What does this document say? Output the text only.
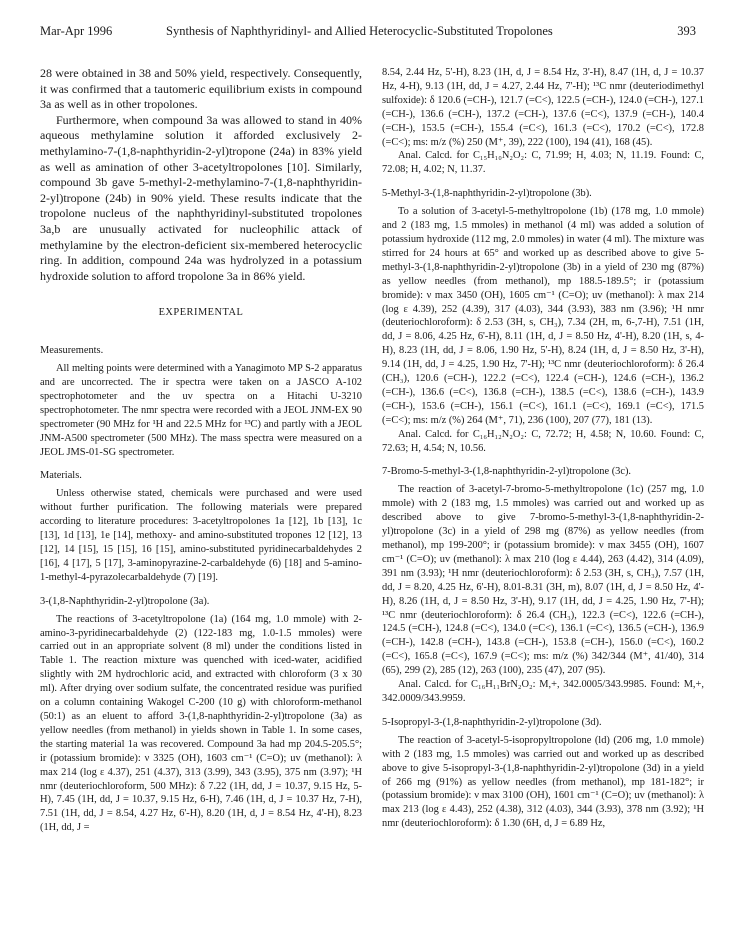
Mar-Apr 1996	Synthesis of Naphthyridinyl- and Allied Heterocyclic-Substituted Tropolones	393

28 were obtained in 38 and 50% yield, respectively. Consequently, it was confirmed that a tautomeric equilibrium exists in compound 3a as well as in other tropolones.

Furthermore, when compound 3a was allowed to stand in 40% aqueous methylamine solution it afforded exclusively 2-methylamino-7-(1,8-naphthyridin-2-yl)tropone (24a) in 83% yield as well as amination of other 3-acetyltropolones [10]. Similarly, compound 3b gave 5-methyl-2-methylamino-7-(1,8-naphthyridin-2-yl)tropone (24b) in 90% yield. These results indicate that the tropolone nucleus of the naphthyridinyl-substituted tropolones 3a,b are unusually activated for nucleophilic attack of methylamine by the electron-deficient six-membered heterocyclic ring. In addition, compound 24a was hydrolyzed in a potassium hydroxide solution to afford tropolone 3a in 86% yield.

EXPERIMENTAL
Measurements.

All melting points were determined with a Yanagimoto MP S-2 apparatus and are uncorrected. The ir spectra were taken on a JASCO A-102 spectrophotometer and the uv spectra on a Hitachi U-3210 spectrophotometer. The nmr spectra were recorded with a JEOL JNM-EX 90 spectrometer (90 MHz for ¹H and 22.5 MHz for ¹³C) and partly with a JEOL JNM-A500 spectrometer (500 MHz). The mass spectra were measured on a JEOL JMS-01-SG spectrometer.

Materials.

Unless otherwise stated, chemicals were purchased and were used without further purification. The following materials were prepared according to literature procedures: 3-acetyltropolones 1a [12], 1b [13], 1c [13], 1d [13], 1e [14], methoxy- and amino-substituted tropones 12 [12], 13 [12], 14 [15], 15 [15], 16 [15], amino-substituted pyridinecarbaldehydes 2 [16], 4 [17], 5 [17], 3-aminopyrazine-2-carbaldehyde (6) [18] and 5-amino-1-methyl-4-pyrazolecarbaldehyde (7) [19].

3-(1,8-Naphthyridin-2-yl)tropolone (3a).

The reactions of 3-acetyltropolone (1a) (164 mg, 1.0 mmole) with 2-amino-3-pyridinecarbaldehyde (2) (122-183 mg, 1.0-1.5 mmoles) were carried out in an appropriate solvent (8 ml) under the conditions listed in Table 1. The reaction mixture was quenched with iced-water, acidified slightly with 2M hydrochloric acid, and extracted with chloroform (3 x 30 ml). After drying over sodium sulfate, the concentrated residue was purified on a column containing Wakogel C-200 (10 g) with chloroform-methanol (50:1) as an eluent to afford 3-(1,8-naphthyridin-2-yl)tropolone (3a) as yellow needles (from methanol) in yields shown in Table 1. In some cases, the starting material 1a was recovered. Compound 3a had mp 204.5-205.5°; ir (potassium bromide): ν 3325 (OH), 1603 cm⁻¹ (C=O); uv (methanol): λ max 214 (log ε 4.37), 251 (4.37), 313 (3.99), 343 (3.95), 375 nm (3.97); ¹H nmr (deuteriochloroform, 500 MHz): δ 7.22 (1H, dd, J = 10.37, 9.15 Hz, 5-H), 7.45 (1H, dd, J = 10.37, 9.15 Hz, 6-H), 7.46 (1H, d, J = 10.37 Hz, 7-H), 7.51 (1H, dd, J = 8.54, 4.27 Hz, 6'-H), 8.20 (1H, d, J = 8.54 Hz, 4'-H), 8.23 (1H, dd, J =

8.54, 2.44 Hz, 5'-H), 8.23 (1H, d, J = 8.54 Hz, 3'-H), 8.47 (1H, d, J = 10.37 Hz, 4-H), 9.13 (1H, dd, J = 4.27, 2.44 Hz, 7'-H); ¹³C nmr (deuteriodimethyl sulfoxide): δ 120.6 (=CH-), 121.7 (=C<), 122.5 (=CH-), 124.0 (=CH-), 127.1 (=CH-), 136.6 (=CH-), 137.2 (=CH-), 137.6 (=C<), 137.9 (=CH-), 140.4 (=CH-), 153.5 (=CH-), 155.4 (=C<), 161.3 (=C<), 170.2 (=C<), 172.8 (=C<); ms: m/z (%) 250 (M⁺, 39), 222 (100), 194 (41), 168 (45).

Anal. Calcd. for C₁₅H₁₀N₂O₂: C, 71.99; H, 4.03; N, 11.19. Found: C, 72.08; H, 4.02; N, 11.37.

5-Methyl-3-(1,8-naphthyridin-2-yl)tropolone (3b).

To a solution of 3-acetyl-5-methyltropolone (1b) (178 mg, 1.0 mmole) and 2 (183 mg, 1.5 mmoles) in methanol (4 ml) was added a solution of potassium hydroxide (112 mg, 2.0 mmoles) in water (4 ml). The mixture was stirred for 24 hours at 65° and worked up as described above to give 5-methyl-3-(1,8-naphthyridin-2-yl)tropolone (3b) in a yield of 230 mg (87%) as yellow needles (from methanol), mp 188.5-189.5°; ir (potassium bromide): ν max 3450 (OH), 1605 cm⁻¹ (C=O); uv (methanol): λ max 214 (log ε 4.39), 252 (4.39), 317 (4.03), 344 (3.93), 383 nm (3.96); ¹H nmr (deuteriochloroform): δ 2.53 (3H, s, CH₃), 7.34 (2H, m, 6-,7-H), 7.51 (1H, dd, J = 8.06, 4.25 Hz, 6'-H), 8.11 (1H, d, J = 8.50 Hz, 4'-H), 8.20 (1H, s, 4-H), 8.23 (1H, dd, J = 8.06, 1.90 Hz, 5'-H), 8.24 (1H, d, J = 8.50 Hz, 3'-H), 9.14 (1H, dd, J = 4.25, 1.90 Hz, 7'-H); ¹³C nmr (deuteriochloroform): δ 26.4 (CH₃), 120.6 (=CH-), 122.2 (=C<), 122.4 (=CH-), 124.6 (=CH-), 136.2 (=CH-), 136.6 (=C<), 136.8 (=CH-), 138.5 (=C<), 138.6 (=CH-), 143.9 (=CH-), 153.6 (=CH-), 156.1 (=C<), 161.1 (=C<), 169.1 (=C<), 171.5 (=C<); ms: m/z (%) 264 (M⁺, 71), 236 (100), 207 (77), 181 (13).

Anal. Calcd. for C₁₆H₁₂N₂O₂: C, 72.72; H, 4.58; N, 10.60. Found: C, 72.63; H, 4.54; N, 10.56.

7-Bromo-5-methyl-3-(1,8-naphthyridin-2-yl)tropolone (3c).

The reaction of 3-acetyl-7-bromo-5-methyltropolone (1c) (257 mg, 1.0 mmole) with 2 (183 mg, 1.5 mmoles) was carried out and worked up as described above to give 7-bromo-5-methyl-3-(1,8-naphthyridin-2-yl)tropolone (3c) in a yield of 298 mg (87%) as yellow needles (from methanol), mp 199-200°; ir (potassium bromide): ν max 3455 (OH), 1607 cm⁻¹ (C=O); uv (methanol): λ max 210 (log ε 4.44), 263 (4.42), 314 (4.09), 391 nm (3.93); ¹H nmr (deuteriochloroform): δ 2.53 (3H, s, CH₃), 7.57 (1H, dd, J = 8.20, 4.25 Hz, 6'-H), 8.01-8.31 (3H, m), 8.07 (1H, d, J = 8.50 Hz, 4'-H), 8.26 (1H, d, J = 8.50 Hz, 3'-H), 9.17 (1H, dd, J = 4.25, 1.90 Hz, 7'-H); ¹³C nmr (deuteriochloroform): δ 26.4 (CH₃), 122.3 (=C<), 122.6 (=CH-), 124.5 (=CH-), 124.8 (=C<), 134.0 (=C<), 136.1 (=C<), 136.5 (=CH-), 136.9 (=CH-), 142.8 (=CH-), 143.8 (=CH-), 153.8 (=CH-), 156.0 (=C<), 160.2 (=C<), 165.8 (=C<), 167.9 (=C<); ms: m/z (%) 342/344 (M⁺, 41/40), 314 (65), 299 (2), 285 (12), 263 (100), 235 (47), 207 (95).

Anal. Calcd. for C₁₆H₁₁BrN₂O₂: M,+, 342.0005/343.9985. Found: M,+, 342.0009/343.9959.

5-Isopropyl-3-(1,8-naphthyridin-2-yl)tropolone (3d).

The reaction of 3-acetyl-5-isopropyltropolone (ld) (206 mg, 1.0 mmole) with 2 (183 mg, 1.5 mmoles) was carried out and worked up as described above to give 5-isopropyl-3-(1,8-naphthyridin-2-yl)tropolone (3d) in a yield of 266 mg (91%) as yellow needles (from methanol), mp 181-182°; ir (potassium bromide): ν max 3100 (OH), 1601 cm⁻¹ (C=O); uv (methanol): λ max 213 (log ε 4.43), 252 (4.38), 312 (4.03), 344 (3.93), 378 nm (3.92); ¹H nmr (deuteriochloroform): δ 1.30 (6H, d, J = 6.89 Hz,
